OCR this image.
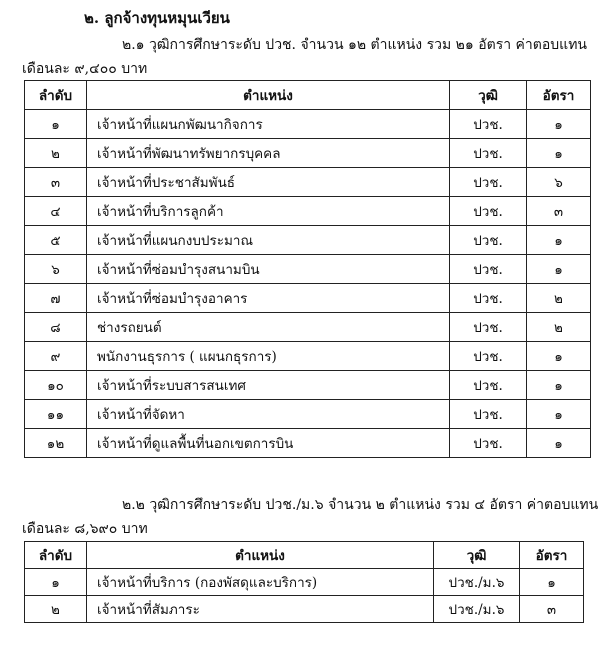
๒. ลูกจ้างทุนหมุนเวียน
๒.๑ วุฒิการศึกษาระดับ ปวช. จำนวน ๑๒ ตำแหน่ง รวม ๒๑ อัตรา ค่าตอบแทน
เดือนละ ๙,๔๐๐ บาท
ลำดับ	ตำแหน่ง	วุฒิ	อัตรา
๑	เจ้าหน้าที่แผนกพัฒนากิจการ	ปวช.	๑
๒	เจ้าหน้าที่พัฒนาทรัพยากรบุคคล	ปวช.	๑
๓	เจ้าหน้าที่ประชาสัมพันธ์	ปวช.	๖
๔	เจ้าหน้าที่บริการลูกค้า	ปวช.	๓
๕	เจ้าหน้าที่แผนกงบประมาณ	ปวช.	๑
๖	เจ้าหน้าที่ซ่อมบำรุงสนามบิน	ปวช.	๑
๗	เจ้าหน้าที่ซ่อมบำรุงอาคาร	ปวช.	๒
๘	ช่างรถยนต์	ปวช.	๒
๙	พนักงานธุรการ ( แผนกธุรการ)	ปวช.	๑
๑๐	เจ้าหน้าที่ระบบสารสนเทศ	ปวช.	๑
๑๑	เจ้าหน้าที่จัดหา	ปวช.	๑
๑๒	เจ้าหน้าที่ดูแลพื้นที่นอกเขตการบิน	ปวช.	๑
๒.๒ วุฒิการศึกษาระดับ ปวช./ม.๖ จำนวน ๒ ตำแหน่ง รวม ๔ อัตรา ค่าตอบแทน
เดือนละ ๘,๖๙๐ บาท
ลำดับ	ตำแหน่ง	วุฒิ	อัตรา
๑	เจ้าหน้าที่บริการ (กองพัสดุและบริการ)	ปวช./ม.๖	๑
๒	เจ้าหน้าที่สัมภาระ	ปวช./ม.๖	๓
